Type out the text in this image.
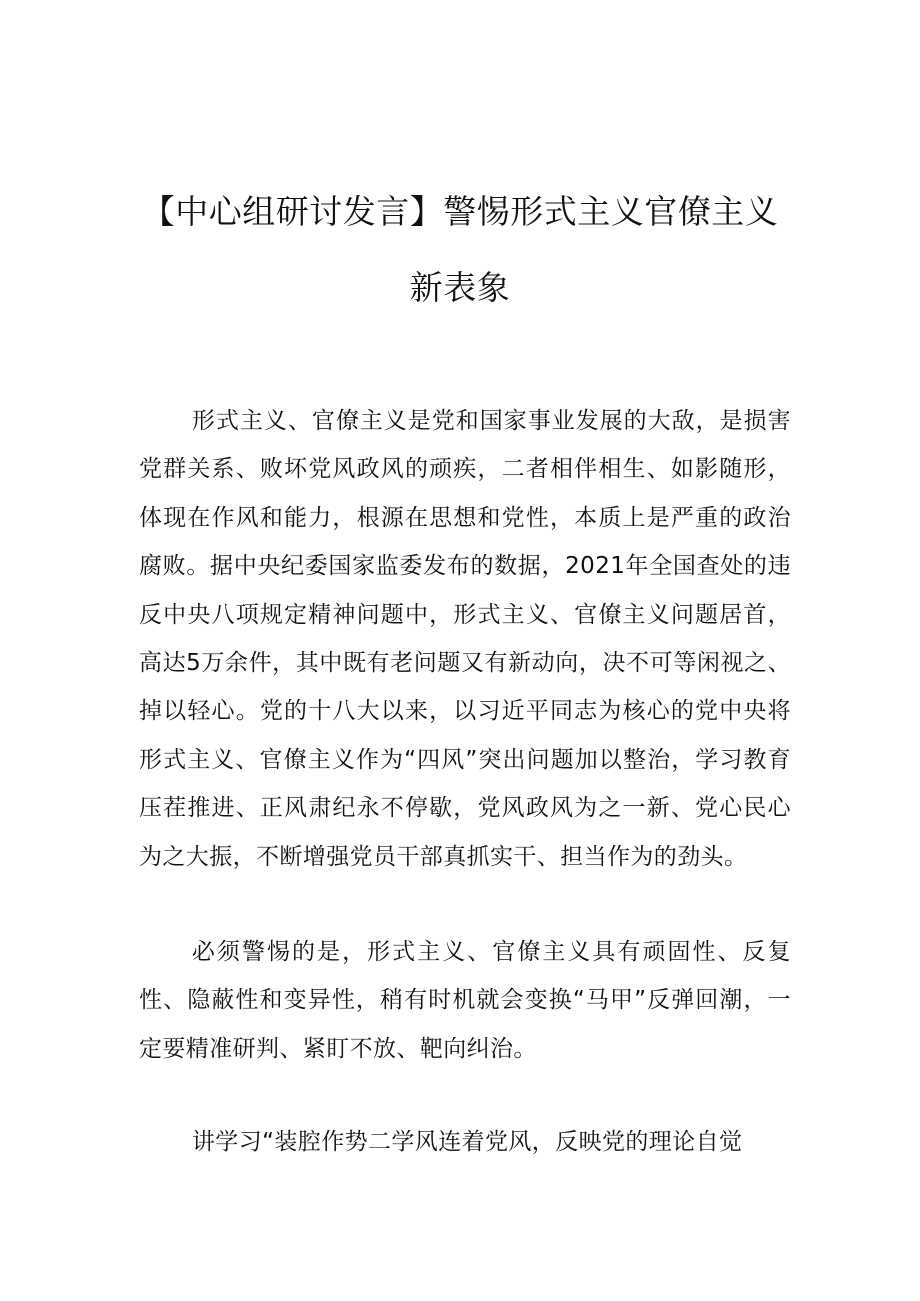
【中心组研讨发言】警惕形式主义官僚主义
新表象

形式主义、官僚主义是党和国家事业发展的大敌，是损害党群关系、败坏党风政风的顽疾，二者相伴相生、如影随形，体现在作风和能力，根源在思想和党性，本质上是严重的政治腐败。据中央纪委国家监委发布的数据，2021年全国查处的违反中央八项规定精神问题中，形式主义、官僚主义问题居首，高达5万余件，其中既有老问题又有新动向，决不可等闲视之、掉以轻心。党的十八大以来，以习近平同志为核心的党中央将形式主义、官僚主义作为“四风”突出问题加以整治，学习教育压茬推进、正风肃纪永不停歇，党风政风为之一新、党心民心为之大振，不断增强党员干部真抓实干、担当作为的劲头。

必须警惕的是，形式主义、官僚主义具有顽固性、反复性、隐蔽性和变异性，稍有时机就会变换“马甲”反弹回潮，一定要精准研判、紧盯不放、靶向纠治。

讲学习“装腔作势二学风连着党风，反映党的理论自觉
